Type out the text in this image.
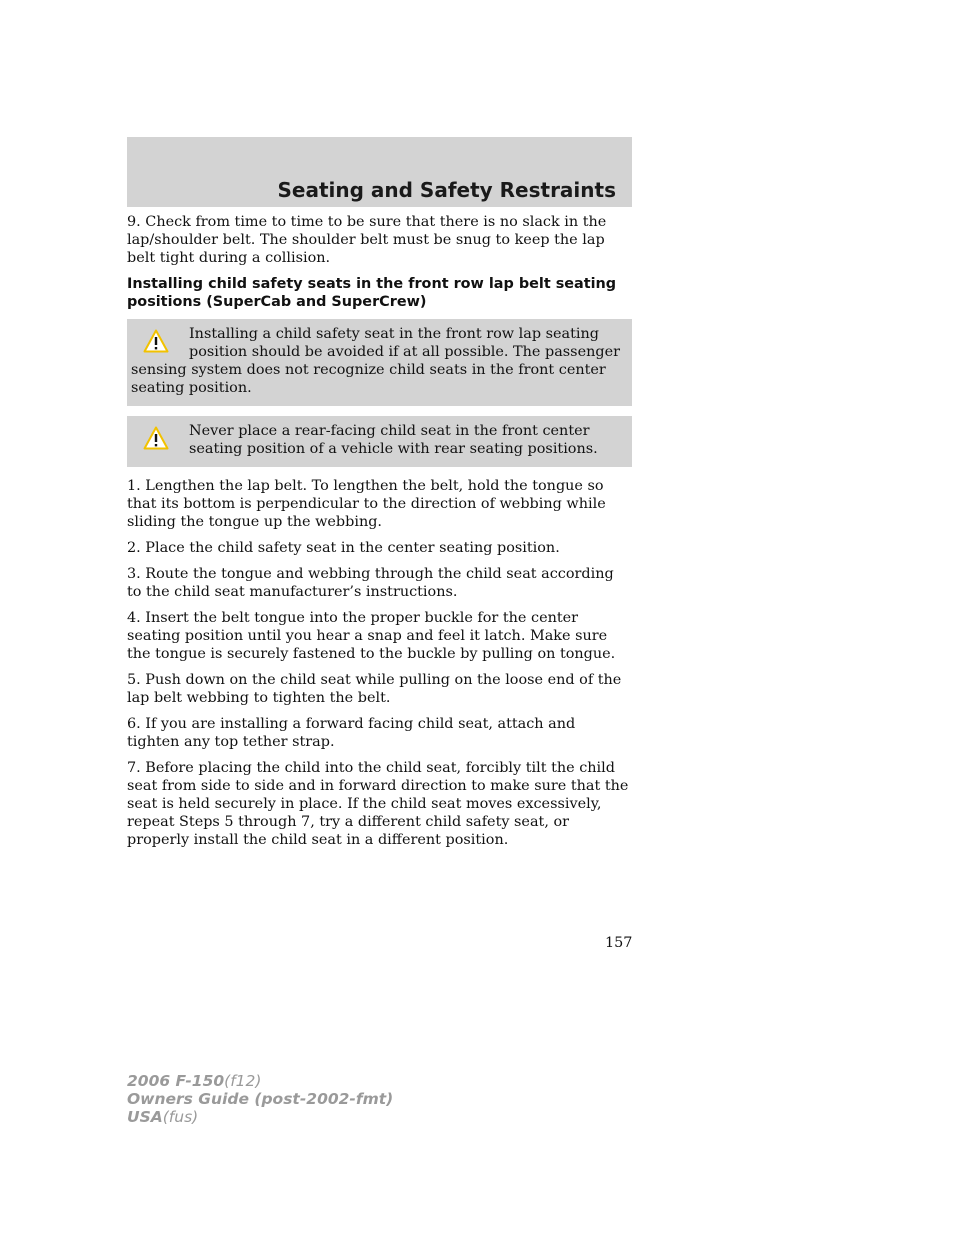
Seating and Safety Restraints

9. Check from time to time to be sure that there is no slack in the lap/shoulder belt. The shoulder belt must be snug to keep the lap belt tight during a collision.

Installing child safety seats in the front row lap belt seating positions (SuperCab and SuperCrew)

Installing a child safety seat in the front row lap seating position should be avoided if at all possible. The passenger sensing system does not recognize child seats in the front center seating position.

Never place a rear-facing child seat in the front center seating position of a vehicle with rear seating positions.

1. Lengthen the lap belt. To lengthen the belt, hold the tongue so that its bottom is perpendicular to the direction of webbing while sliding the tongue up the webbing.

2. Place the child safety seat in the center seating position.

3. Route the tongue and webbing through the child seat according to the child seat manufacturer’s instructions.

4. Insert the belt tongue into the proper buckle for the center seating position until you hear a snap and feel it latch. Make sure the tongue is securely fastened to the buckle by pulling on tongue.

5. Push down on the child seat while pulling on the loose end of the lap belt webbing to tighten the belt.

6. If you are installing a forward facing child seat, attach and tighten any top tether strap.

7. Before placing the child into the child seat, forcibly tilt the child seat from side to side and in forward direction to make sure that the seat is held securely in place. If the child seat moves excessively, repeat Steps 5 through 7, try a different child safety seat, or properly install the child seat in a different position.

157
2006 F-150(f12)
Owners Guide (post-2002-fmt)
USA(fus)
